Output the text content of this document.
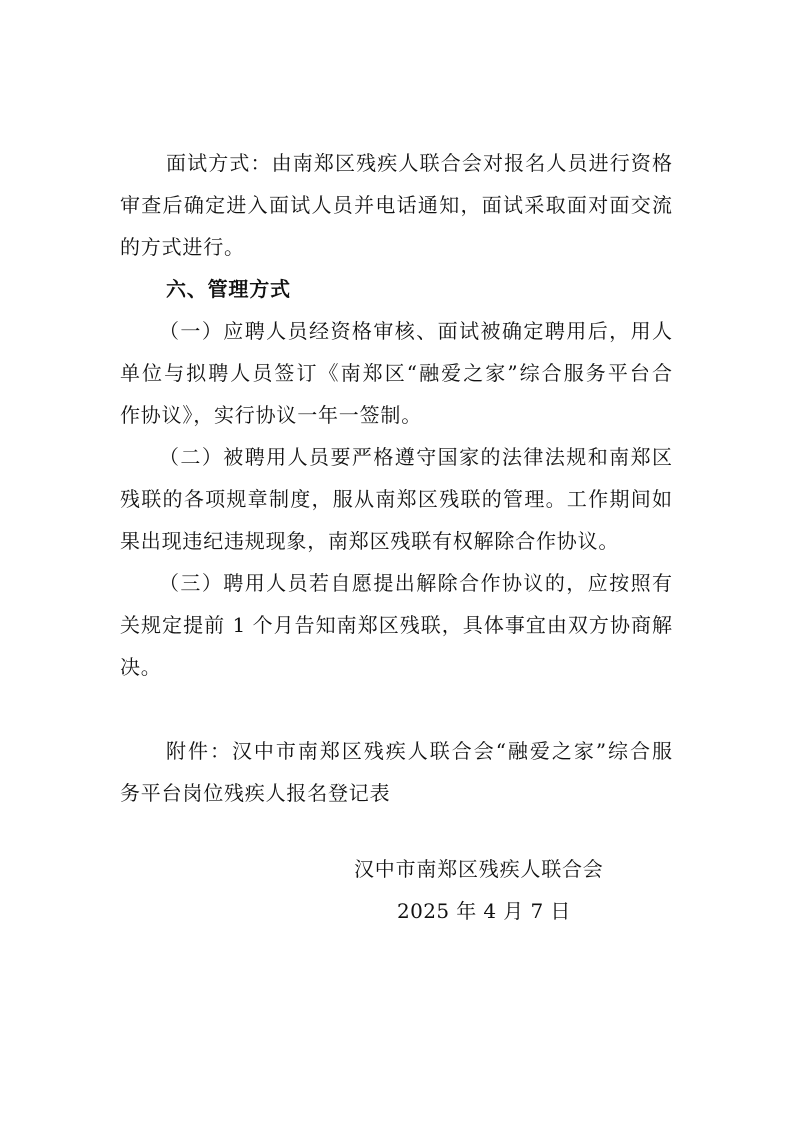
面试方式：由南郑区残疾人联合会对报名人员进行资格
审查后确定进入面试人员并电话通知，面试采取面对面交流
的方式进行。
六、管理方式
（一）应聘人员经资格审核、面试被确定聘用后，用人
单位与拟聘人员签订《南郑区“融爱之家”综合服务平台合
作协议》，实行协议一年一签制。
（二）被聘用人员要严格遵守国家的法律法规和南郑区
残联的各项规章制度，服从南郑区残联的管理。工作期间如
果出现违纪违规现象，南郑区残联有权解除合作协议。
（三）聘用人员若自愿提出解除合作协议的，应按照有
关规定提前 1 个月告知南郑区残联，具体事宜由双方协商解
决。
附件：汉中市南郑区残疾人联合会“融爱之家”综合服
务平台岗位残疾人报名登记表
汉中市南郑区残疾人联合会
2025 年 4 月 7 日
